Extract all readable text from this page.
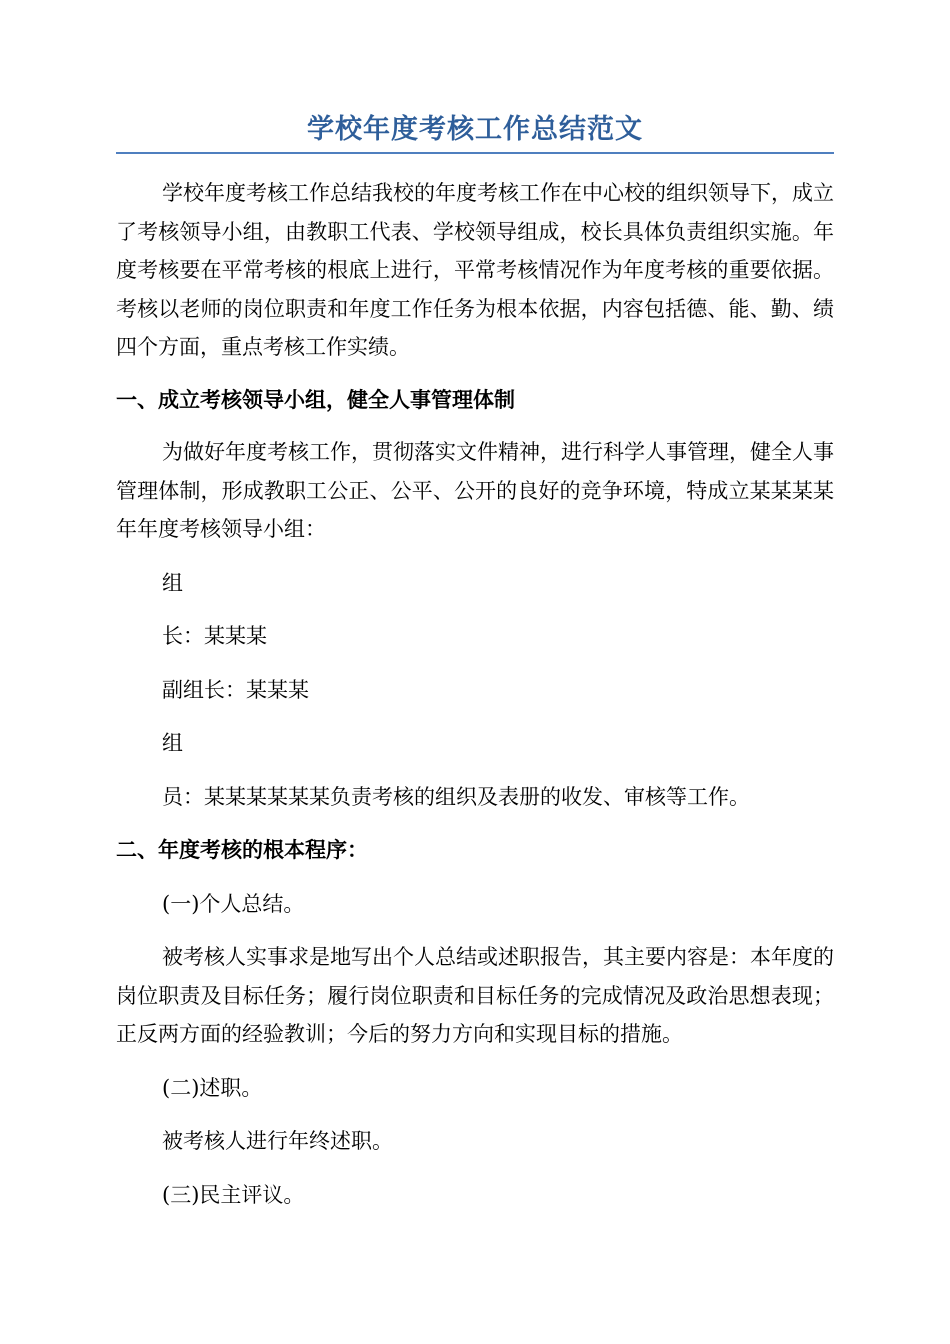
学校年度考核工作总结范文

学校年度考核工作总结我校的年度考核工作在中心校的组织领导下，成立了考核领导小组，由教职工代表、学校领导组成，校长具体负责组织实施。年度考核要在平常考核的根底上进行，平常考核情况作为年度考核的重要依据。考核以老师的岗位职责和年度工作任务为根本依据，内容包括德、能、勤、绩四个方面，重点考核工作实绩。

一、成立考核领导小组，健全人事管理体制

为做好年度考核工作，贯彻落实文件精神，进行科学人事管理，健全人事管理体制，形成教职工公正、公平、公开的良好的竞争环境，特成立某某某某年年度考核领导小组：

组

长：某某某

副组长：某某某

组

员：某某某某某某负责考核的组织及表册的收发、审核等工作。

二、年度考核的根本程序：

(一)个人总结。

被考核人实事求是地写出个人总结或述职报告，其主要内容是：本年度的岗位职责及目标任务；履行岗位职责和目标任务的完成情况及政治思想表现；正反两方面的经验教训；今后的努力方向和实现目标的措施。

(二)述职。

被考核人进行年终述职。

(三)民主评议。
